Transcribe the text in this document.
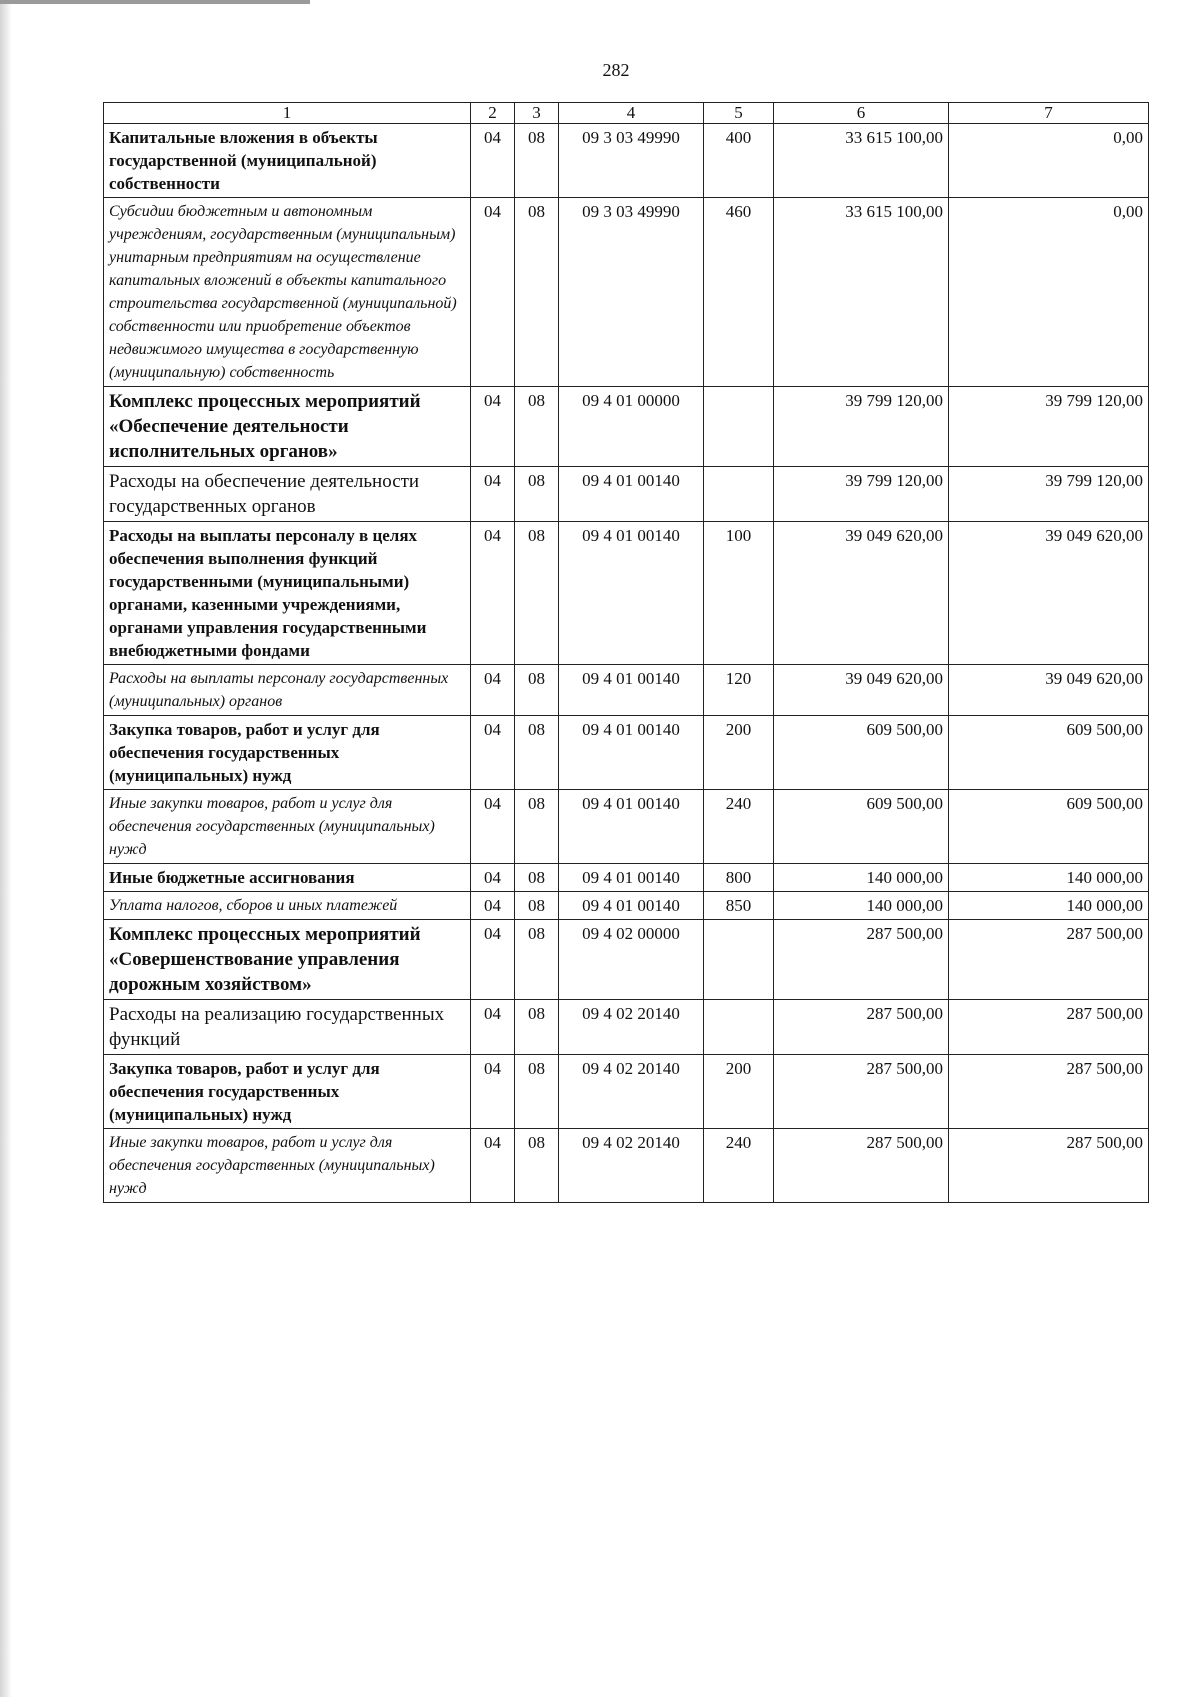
282
1	2	3	4	5	6	7
Капитальные вложения в объекты государственной (муниципальной) собственности	04	08	09 3 03 49990	400	33 615 100,00	0,00
Субсидии бюджетным и автономным учреждениям, государственным (муниципальным) унитарным предприятиям на осуществление капитальных вложений в объекты капитального строительства государственной (муниципальной) собственности или приобретение объектов недвижимого имущества в государственную (муниципальную) собственность	04	08	09 3 03 49990	460	33 615 100,00	0,00
Комплекс процессных мероприятий «Обеспечение деятельности исполнительных органов»	04	08	09 4 01 00000		39 799 120,00	39 799 120,00
Расходы на обеспечение деятельности государственных органов	04	08	09 4 01 00140		39 799 120,00	39 799 120,00
Расходы на выплаты персоналу в целях обеспечения выполнения функций государственными (муниципальными) органами, казенными учреждениями, органами управления государственными внебюджетными фондами	04	08	09 4 01 00140	100	39 049 620,00	39 049 620,00
Расходы на выплаты персоналу государственных (муниципальных) органов	04	08	09 4 01 00140	120	39 049 620,00	39 049 620,00
Закупка товаров, работ и услуг для обеспечения государственных (муниципальных) нужд	04	08	09 4 01 00140	200	609 500,00	609 500,00
Иные закупки товаров, работ и услуг для обеспечения государственных (муниципальных) нужд	04	08	09 4 01 00140	240	609 500,00	609 500,00
Иные бюджетные ассигнования	04	08	09 4 01 00140	800	140 000,00	140 000,00
Уплата налогов, сборов и иных платежей	04	08	09 4 01 00140	850	140 000,00	140 000,00
Комплекс процессных мероприятий «Совершенствование управления дорожным хозяйством»	04	08	09 4 02 00000		287 500,00	287 500,00
Расходы на реализацию государственных функций	04	08	09 4 02 20140		287 500,00	287 500,00
Закупка товаров, работ и услуг для обеспечения государственных (муниципальных) нужд	04	08	09 4 02 20140	200	287 500,00	287 500,00
Иные закупки товаров, работ и услуг для обеспечения государственных (муниципальных) нужд	04	08	09 4 02 20140	240	287 500,00	287 500,00
